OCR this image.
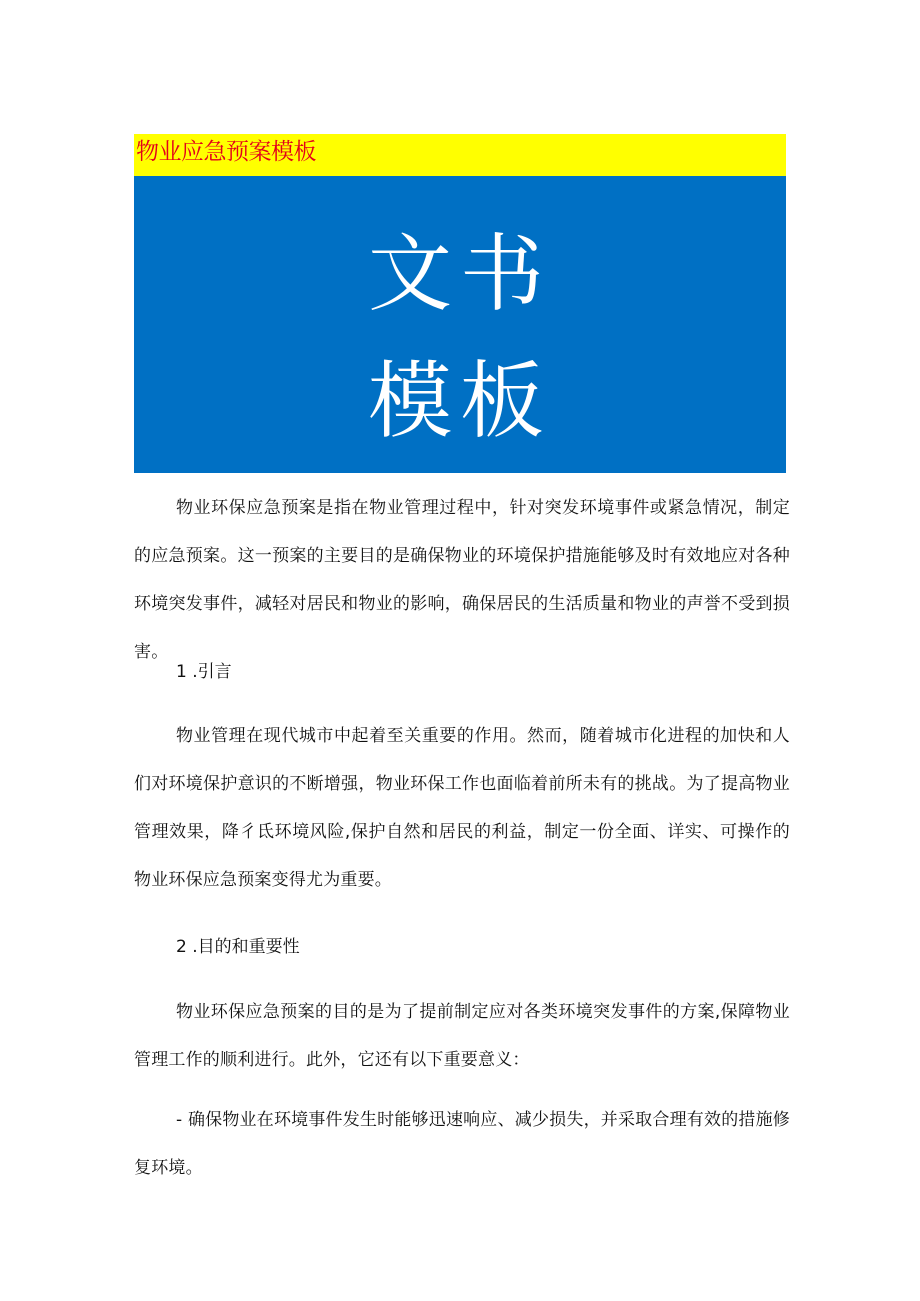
物业应急预案模板
文书
模板

物业环保应急预案是指在物业管理过程中，针对突发环境事件或紧急情况，制定的应急预案。这一预案的主要目的是确保物业的环境保护措施能够及时有效地应对各种环境突发事件，减轻对居民和物业的影响，确保居民的生活质量和物业的声誉不受到损害。

1 .引言

物业管理在现代城市中起着至关重要的作用。然而，随着城市化进程的加快和人们对环境保护意识的不断增强，物业环保工作也面临着前所未有的挑战。为了提高物业管理效果，降彳氐环境风险,保护自然和居民的利益，制定一份全面、详实、可操作的物业环保应急预案变得尤为重要。

2 .目的和重要性

物业环保应急预案的目的是为了提前制定应对各类环境突发事件的方案,保障物业管理工作的顺利进行。此外，它还有以下重要意义：

- 确保物业在环境事件发生时能够迅速响应、减少损失，并采取合理有效的措施修复环境。
